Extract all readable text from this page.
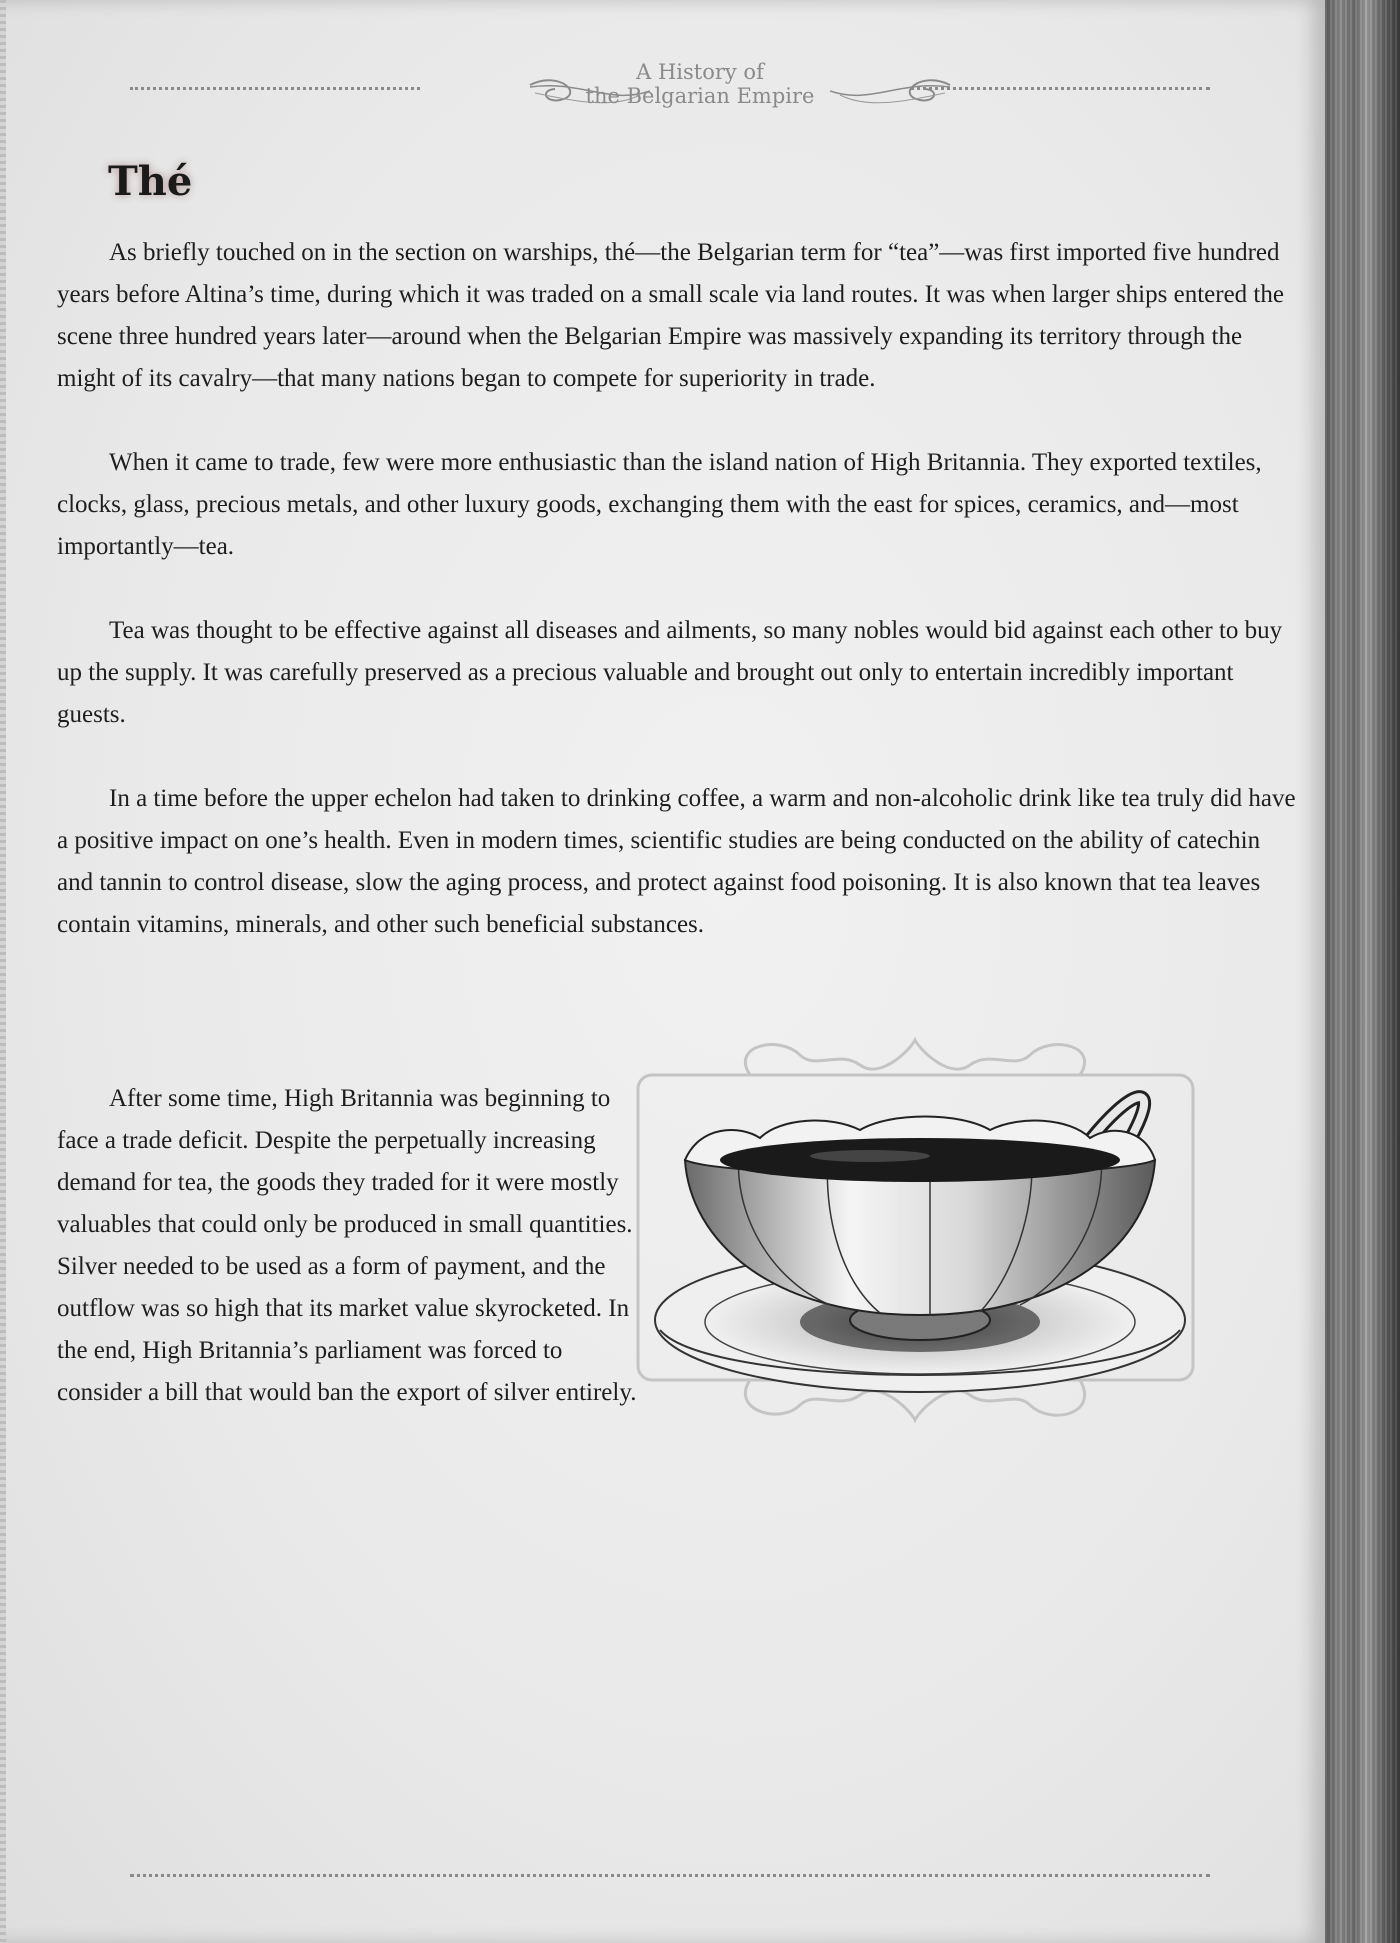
A History of
the Belgarian Empire
Thé

As briefly touched on in the section on warships, thé—the Belgarian term for “tea”—was first imported five hundred years before Altina’s time, during which it was traded on a small scale via land routes. It was when larger ships entered the scene three hundred years later—around when the Belgarian Empire was massively expanding its territory through the might of its cavalry—that many nations began to compete for superiority in trade.

When it came to trade, few were more enthusiastic than the island nation of High Britannia. They exported textiles, clocks, glass, precious metals, and other luxury goods, exchanging them with the east for spices, ceramics, and—most importantly—tea.

Tea was thought to be effective against all diseases and ailments, so many nobles would bid against each other to buy up the supply. It was carefully preserved as a precious valuable and brought out only to entertain incredibly important guests.

In a time before the upper echelon had taken to drinking coffee, a warm and non-alcoholic drink like tea truly did have a positive impact on one’s health. Even in modern times, scientific studies are being conducted on the ability of catechin and tannin to control disease, slow the aging process, and protect against food poisoning. It is also known that tea leaves contain vitamins, minerals, and other such beneficial substances.

After some time, High Britannia was beginning to face a trade deficit. Despite the perpetually increasing demand for tea, the goods they traded for it were mostly valuables that could only be produced in small quantities. Silver needed to be used as a form of payment, and the outflow was so high that its market value skyrocketed. In the end, High Britannia’s parliament was forced to consider a bill that would ban the export of silver entirely.
